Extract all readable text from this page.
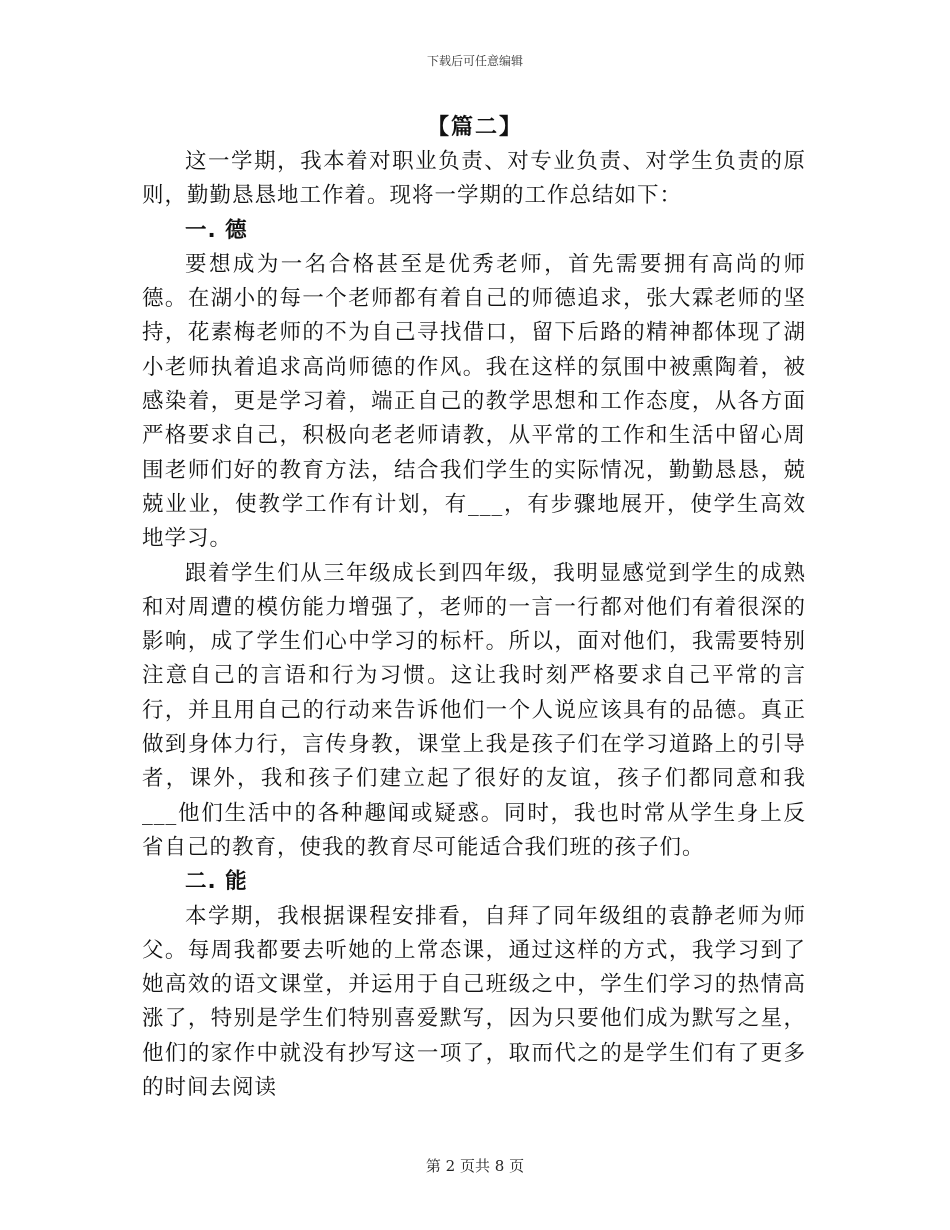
下载后可任意编辑
【篇二】

这一学期，我本着对职业负责、对专业负责、对学生负责的原则，勤勤恳恳地工作着。现将一学期的工作总结如下：

一. 德

要想成为一名合格甚至是优秀老师，首先需要拥有高尚的师德。在湖小的每一个老师都有着自己的师德追求，张大霖老师的坚持，花素梅老师的不为自己寻找借口，留下后路的精神都体现了湖小老师执着追求高尚师德的作风。我在这样的氛围中被熏陶着，被感染着，更是学习着，端正自己的教学思想和工作态度，从各方面严格要求自己，积极向老老师请教，从平常的工作和生活中留心周围老师们好的教育方法，结合我们学生的实际情况，勤勤恳恳，兢兢业业，使教学工作有计划，有___，有步骤地展开，使学生高效地学习。

跟着学生们从三年级成长到四年级，我明显感觉到学生的成熟和对周遭的模仿能力增强了，老师的一言一行都对他们有着很深的影响，成了学生们心中学习的标杆。所以，面对他们，我需要特别注意自己的言语和行为习惯。这让我时刻严格要求自己平常的言行，并且用自己的行动来告诉他们一个人说应该具有的品德。真正做到身体力行，言传身教，课堂上我是孩子们在学习道路上的引导者，课外，我和孩子们建立起了很好的友谊，孩子们都同意和我___他们生活中的各种趣闻或疑惑。同时，我也时常从学生身上反省自己的教育，使我的教育尽可能适合我们班的孩子们。

二. 能

本学期，我根据课程安排看，自拜了同年级组的袁静老师为师父。每周我都要去听她的上常态课，通过这样的方式，我学习到了她高效的语文课堂，并运用于自己班级之中，学生们学习的热情高涨了，特别是学生们特别喜爱默写，因为只要他们成为默写之星，他们的家作中就没有抄写这一项了，取而代之的是学生们有了更多的时间去阅读

第 2 页共 8 页
